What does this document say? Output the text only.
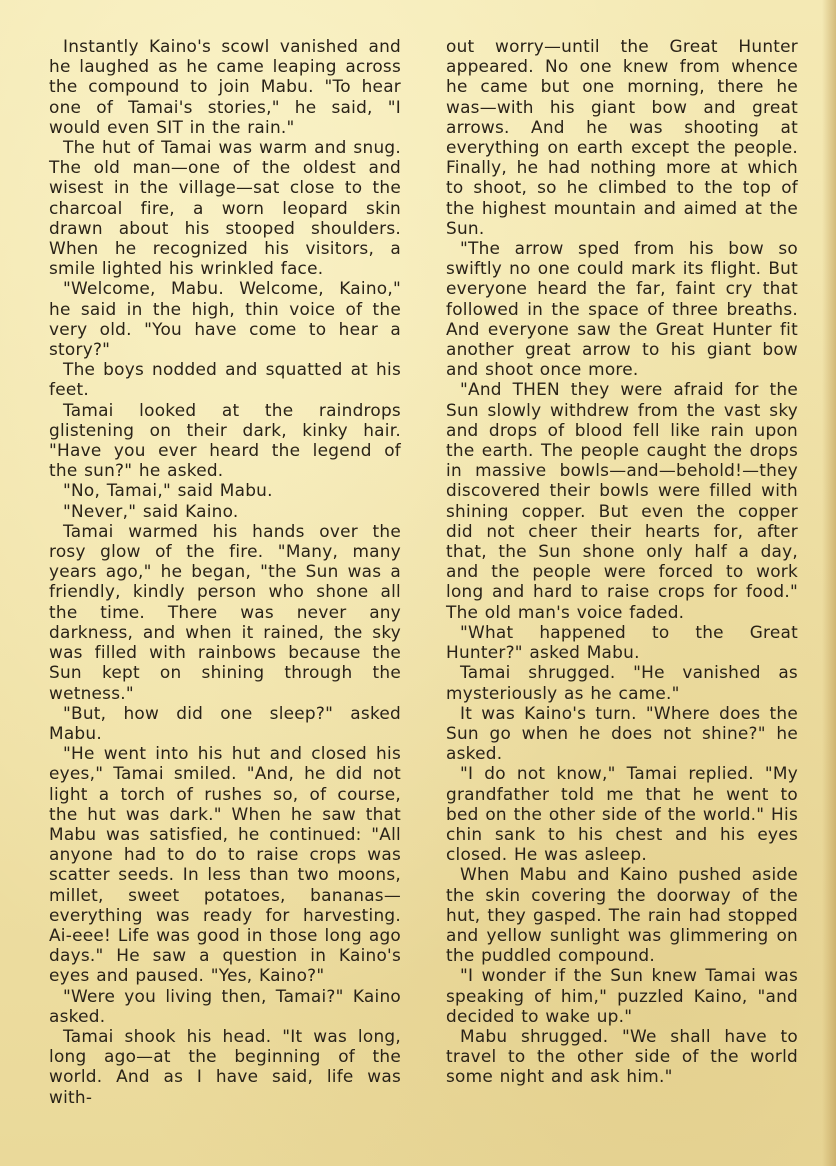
Instantly Kaino's scowl vanished and he laughed as he came leaping across the compound to join Mabu. "To hear one of Tamai's stories," he said, "I would even SIT in the rain."

The hut of Tamai was warm and snug. The old man—one of the oldest and wisest in the village—sat close to the charcoal fire, a worn leopard skin drawn about his stooped shoulders. When he recognized his visitors, a smile lighted his wrinkled face.

"Welcome, Mabu. Welcome, Kaino," he said in the high, thin voice of the very old. "You have come to hear a story?"

The boys nodded and squatted at his feet.

Tamai looked at the raindrops glistening on their dark, kinky hair. "Have you ever heard the legend of the sun?" he asked.

"No, Tamai," said Mabu.

"Never," said Kaino.

Tamai warmed his hands over the rosy glow of the fire. "Many, many years ago," he began, "the Sun was a friendly, kindly person who shone all the time. There was never any darkness, and when it rained, the sky was filled with rainbows because the Sun kept on shining through the wetness."

"But, how did one sleep?" asked Mabu.

"He went into his hut and closed his eyes," Tamai smiled. "And, he did not light a torch of rushes so, of course, the hut was dark." When he saw that Mabu was satisfied, he continued: "All anyone had to do to raise crops was scatter seeds. In less than two moons, millet, sweet potatoes, bananas—everything was ready for harvesting. Ai-eee! Life was good in those long ago days." He saw a question in Kaino's eyes and paused. "Yes, Kaino?"

"Were you living then, Tamai?" Kaino asked.

Tamai shook his head. "It was long, long ago—at the beginning of the world. And as I have said, life was with-

out worry—until the Great Hunter appeared. No one knew from whence he came but one morning, there he was—with his giant bow and great arrows. And he was shooting at everything on earth except the people. Finally, he had nothing more at which to shoot, so he climbed to the top of the highest mountain and aimed at the Sun.

"The arrow sped from his bow so swiftly no one could mark its flight. But everyone heard the far, faint cry that followed in the space of three breaths. And everyone saw the Great Hunter fit another great arrow to his giant bow and shoot once more.

"And THEN they were afraid for the Sun slowly withdrew from the vast sky and drops of blood fell like rain upon the earth. The people caught the drops in massive bowls—and—behold!—they discovered their bowls were filled with shining copper. But even the copper did not cheer their hearts for, after that, the Sun shone only half a day, and the people were forced to work long and hard to raise crops for food." The old man's voice faded.

"What happened to the Great Hunter?" asked Mabu.

Tamai shrugged. "He vanished as mysteriously as he came."

It was Kaino's turn. "Where does the Sun go when he does not shine?" he asked.

"I do not know," Tamai replied. "My grandfather told me that he went to bed on the other side of the world." His chin sank to his chest and his eyes closed. He was asleep.

When Mabu and Kaino pushed aside the skin covering the doorway of the hut, they gasped. The rain had stopped and yellow sunlight was glimmering on the puddled compound.

"I wonder if the Sun knew Tamai was speaking of him," puzzled Kaino, "and decided to wake up."

Mabu shrugged. "We shall have to travel to the other side of the world some night and ask him."
